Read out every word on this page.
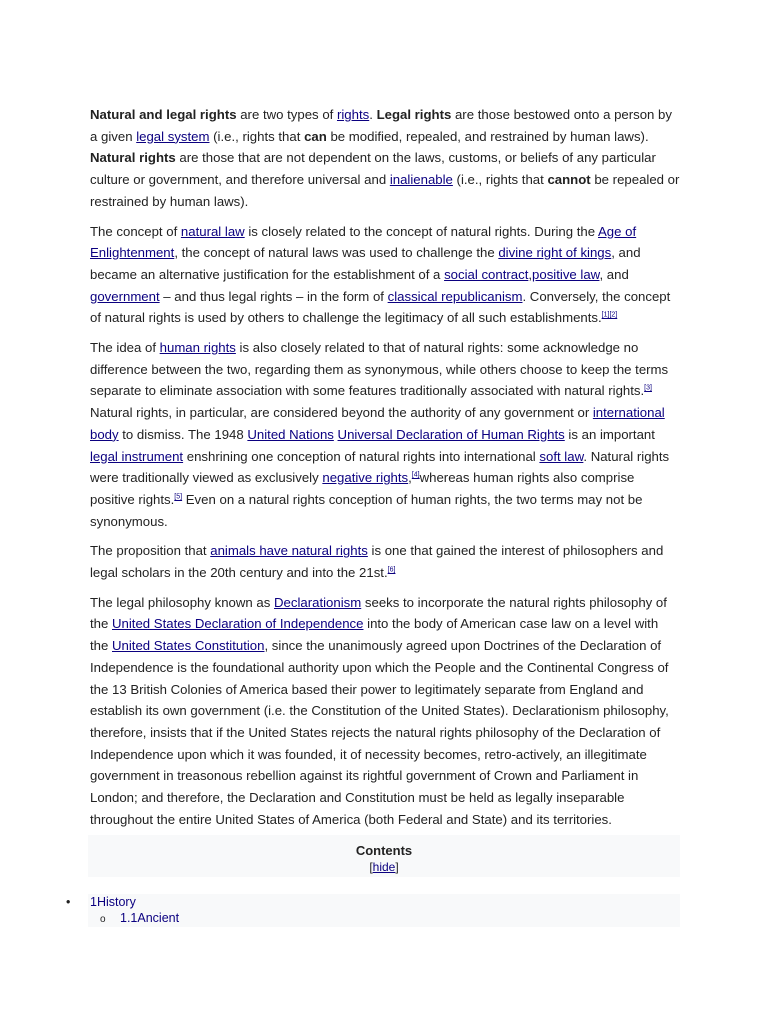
Natural and legal rights are two types of rights. Legal rights are those bestowed onto a person by a given legal system (i.e., rights that can be modified, repealed, and restrained by human laws). Natural rights are those that are not dependent on the laws, customs, or beliefs of any particular culture or government, and therefore universal and inalienable (i.e., rights that cannot be repealed or restrained by human laws).

The concept of natural law is closely related to the concept of natural rights. During the Age of Enlightenment, the concept of natural laws was used to challenge the divine right of kings, and became an alternative justification for the establishment of a social contract,positive law, and government – and thus legal rights – in the form of classical republicanism. Conversely, the concept of natural rights is used by others to challenge the legitimacy of all such establishments.[1][2]

The idea of human rights is also closely related to that of natural rights: some acknowledge no difference between the two, regarding them as synonymous, while others choose to keep the terms separate to eliminate association with some features traditionally associated with natural rights.[3] Natural rights, in particular, are considered beyond the authority of any government or international body to dismiss. The 1948 United Nations Universal Declaration of Human Rights is an important legal instrument enshrining one conception of natural rights into international soft law. Natural rights were traditionally viewed as exclusively negative rights,[4]whereas human rights also comprise positive rights.[5] Even on a natural rights conception of human rights, the two terms may not be synonymous.

The proposition that animals have natural rights is one that gained the interest of philosophers and legal scholars in the 20th century and into the 21st.[6]

The legal philosophy known as Declarationism seeks to incorporate the natural rights philosophy of the United States Declaration of Independence into the body of American case law on a level with the United States Constitution, since the unanimously agreed upon Doctrines of the Declaration of Independence is the foundational authority upon which the People and the Continental Congress of the 13 British Colonies of America based their power to legitimately separate from England and establish its own government (i.e. the Constitution of the United States). Declarationism philosophy, therefore, insists that if the United States rejects the natural rights philosophy of the Declaration of Independence upon which it was founded, it of necessity becomes, retro-actively, an illegitimate government in treasonous rebellion against its rightful government of Crown and Parliament in London; and therefore, the Declaration and Constitution must be held as legally inseparable throughout the entire United States of America (both Federal and State) and its territories.

Contents
[hide]
• 1History
o 1.1Ancient
